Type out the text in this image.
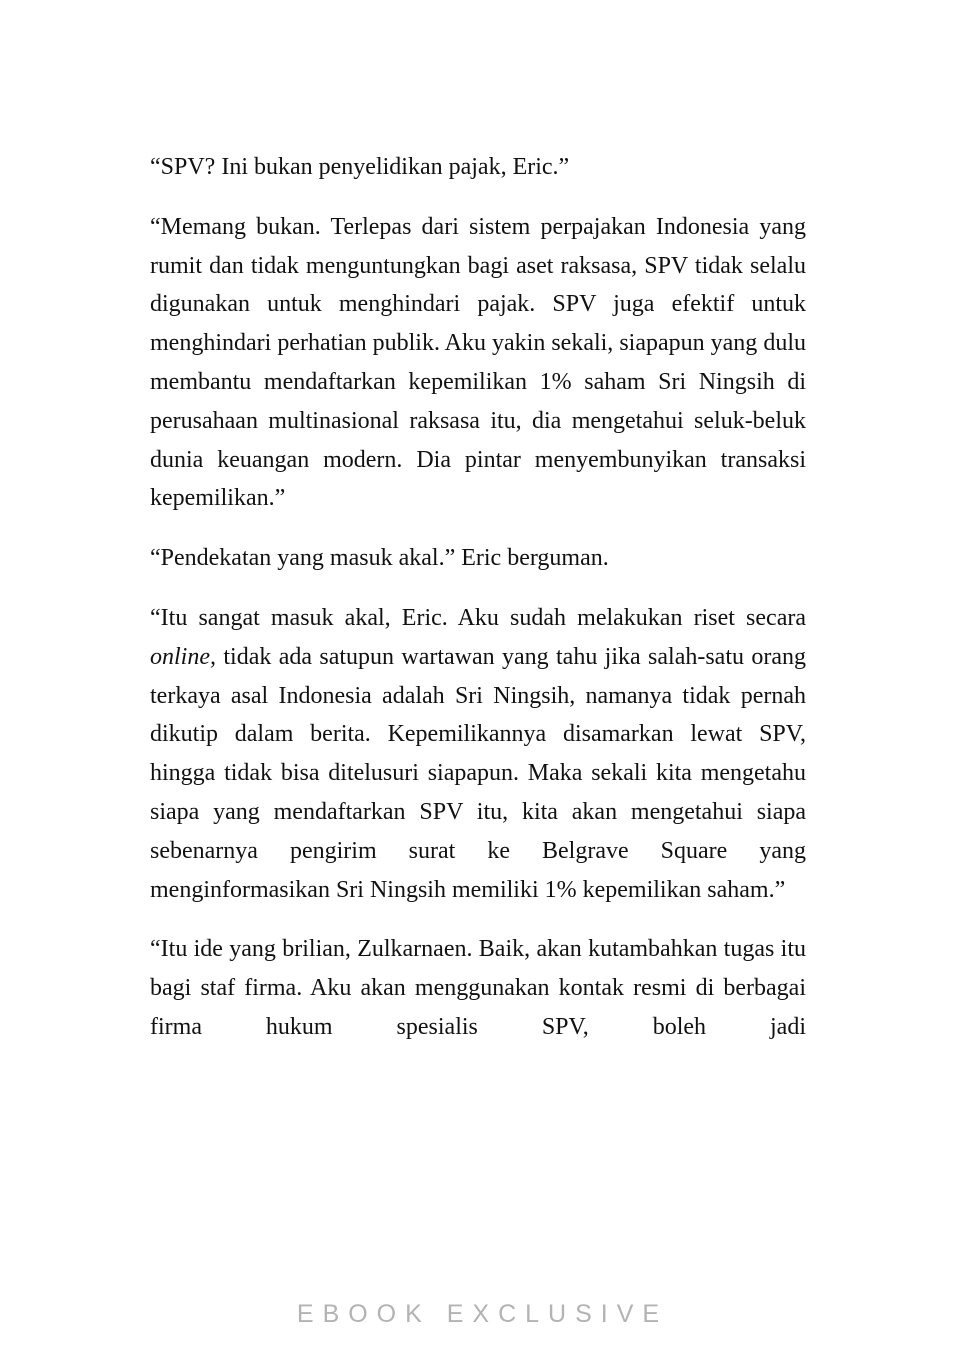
“SPV? Ini bukan penyelidikan pajak, Eric.”

“Memang bukan. Terlepas dari sistem perpajakan Indonesia yang rumit dan tidak menguntungkan bagi aset raksasa, SPV tidak selalu digunakan untuk menghindari pajak. SPV juga efektif untuk menghindari perhatian publik. Aku yakin sekali, siapapun yang dulu membantu mendaftarkan kepemilikan 1% saham Sri Ningsih di perusahaan multinasional raksasa itu, dia mengetahui seluk-beluk dunia keuangan modern. Dia pintar menyembunyikan transaksi kepemilikan.”

“Pendekatan yang masuk akal.” Eric berguman.

“Itu sangat masuk akal, Eric. Aku sudah melakukan riset secara online, tidak ada satupun wartawan yang tahu jika salah-satu orang terkaya asal Indonesia adalah Sri Ningsih, namanya tidak pernah dikutip dalam berita. Kepemilikannya disamarkan lewat SPV, hingga tidak bisa ditelusuri siapapun. Maka sekali kita mengetahu siapa yang mendaftarkan SPV itu, kita akan mengetahui siapa sebenarnya pengirim surat ke Belgrave Square yang menginformasikan Sri Ningsih memiliki 1% kepemilikan saham.”

“Itu ide yang brilian, Zulkarnaen. Baik, akan kutambahkan tugas itu bagi staf firma. Aku akan menggunakan kontak resmi di berbagai firma hukum spesialis SPV, boleh jadi

EBOOK EXCLUSIVE
